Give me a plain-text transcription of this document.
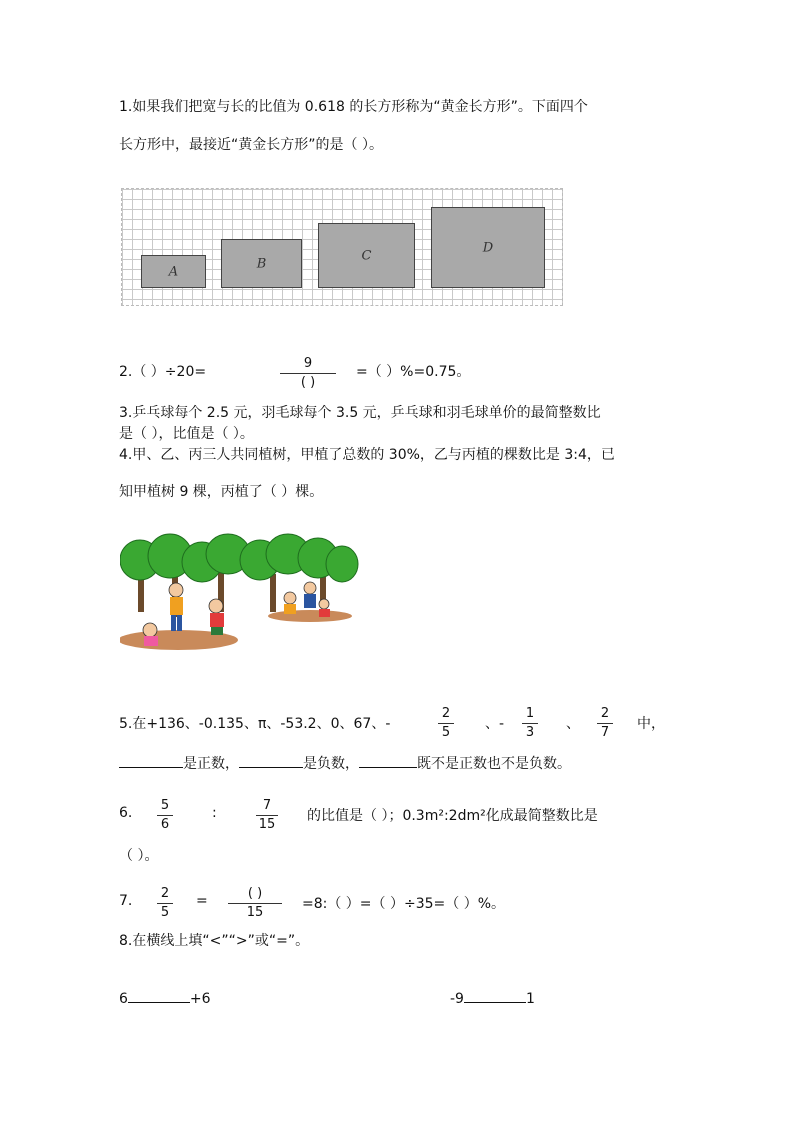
1.如果我们把宽与长的比值为 0.618 的长方形称为“黄金长方形”。下面四个
长方形中，最接近“黄金长方形”的是（ ）。
A
B
C
D
2.（ ）÷20=
9
( )
=（ ）%=0.75。
3.乒乓球每个 2.5 元，羽毛球每个 3.5 元，乒乓球和羽毛球单价的最简整数比
是（ ），比值是（ ）。
4.甲、乙、丙三人共同植树，甲植了总数的 30%，乙与丙植的棵数比是 3:4，已
知甲植树 9 棵，丙植了（ ）棵。
5.在+136、-0.135、π、-53.2、0、67、-
2
5
、-
1
3
、
2
7
中，
是正数，	是负数，	既不是正数也不是负数。
6. 5
6
:	7
15
的比值是（ ）；0.3m²:2dm²化成最简整数比是
（ ）。
7. 2
5
=	( )
15
=8:（ ）=（ ）÷35=（ ）%。
8.在横线上填“<”“>”或“=”。
6	+6	-9	1
